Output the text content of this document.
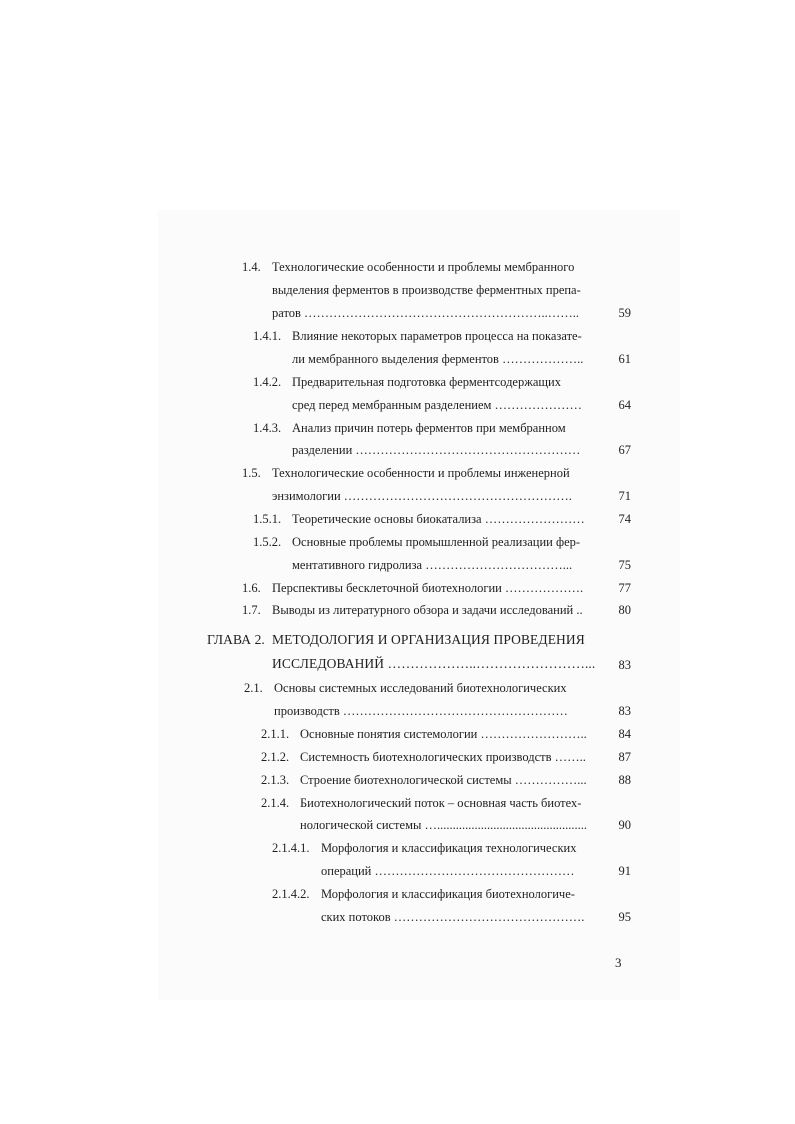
1.4. Технологические особенности и проблемы мембранного
выделения ферментов в производстве ферментных препа-
ратов …………………………………………………..……..	59
1.4.1. Влияние некоторых параметров процесса на показате-
ли мембранного выделения ферментов ………………..	61
1.4.2. Предварительная подготовка ферментсодержащих
сред перед мембранным разделением …………………	64
1.4.3. Анализ причин потерь ферментов при мембранном
разделении ………………………………………………	67
1.5. Технологические особенности и проблемы инженерной
энзимологии ……………………………………………….	71
1.5.1. Теоретические основы биокатализа ……………………	74
1.5.2. Основные проблемы промышленной реализации фер-
ментативного гидролиза ……………………………...	75
1.6. Перспективы бесклеточной биотехнологии ……………….	77
1.7. Выводы из литературного обзора и задачи исследований ..	80
ГЛАВА 2. МЕТОДОЛОГИЯ И ОРГАНИЗАЦИЯ ПРОВЕДЕНИЯ
ИССЛЕДОВАНИЙ ………………..……………………...	83
2.1. Основы системных исследований биотехнологических
производств ………………………………………………	83
2.1.1. Основные понятия системологии ……………………..	84
2.1.2. Системность биотехнологических производств ……..	87
2.1.3. Строение биотехнологической системы ……………...	88
2.1.4. Биотехнологический поток – основная часть биотех-
нологической системы …................................................	90
2.1.4.1. Морфология и классификация технологических
операций …………………………………………	91
2.1.4.2. Морфология и классификация биотехнологиче-
ских потоков ……………………………………….	95
3
